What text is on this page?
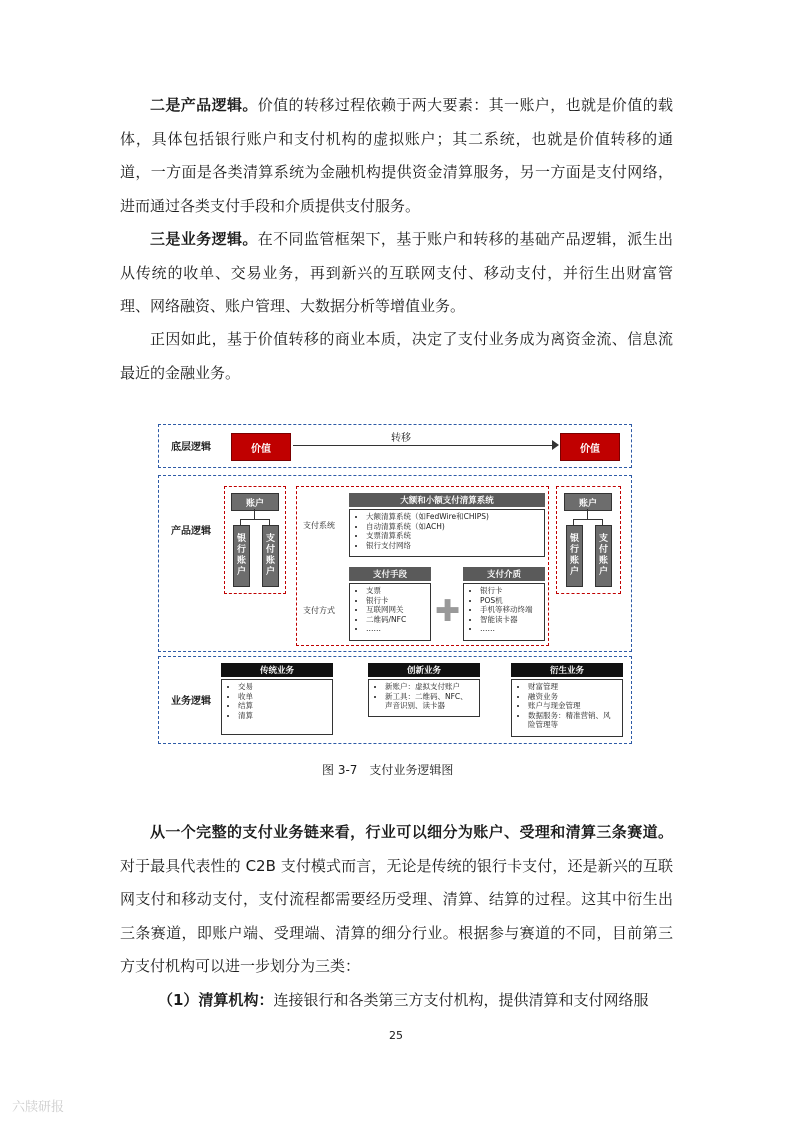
二是产品逻辑。价值的转移过程依赖于两大要素：其一账户，也就是价值的载体，具体包括银行账户和支付机构的虚拟账户；其二系统，也就是价值转移的通道，一方面是各类清算系统为金融机构提供资金清算服务，另一方面是支付网络，进而通过各类支付手段和介质提供支付服务。

三是业务逻辑。在不同监管框架下，基于账户和转移的基础产品逻辑，派生出从传统的收单、交易业务，再到新兴的互联网支付、移动支付，并衍生出财富管理、网络融资、账户管理、大数据分析等增值业务。

正因如此，基于价值转移的商业本质，决定了支付业务成为离资金流、信息流最近的金融业务。

底层逻辑	价值
转移
价值
产品逻辑
账户
银行账户
支付账户
支付系统
大额和小额支付清算系统
• 大额清算系统（如FedWire和CHIPS)
• 自动清算系统（如ACH)
• 支票清算系统
• 银行支付网络
支付方式
支付手段
• 支票
• 银行卡
• 互联网网关
• 二维码/NFC
• ……	✚
支付介质
• 银行卡
• POS机
• 手机等移动终端
• 智能读卡器
• ……
账户
银行账户
支付账户
业务逻辑
传统业务
• 交易
• 收单
• 结算
• 清算
创新业务
• 新账户：虚拟支付账户
• 新工具：二维码、NFC、声音识别、读卡器
衍生业务
• 财富管理
• 融资业务
• 账户与现金管理
• 数据服务：精准营销、风险管理等
图 3-7　支付业务逻辑图

从一个完整的支付业务链来看，行业可以细分为账户、受理和清算三条赛道。对于最具代表性的 C2B 支付模式而言，无论是传统的银行卡支付，还是新兴的互联网支付和移动支付，支付流程都需要经历受理、清算、结算的过程。这其中衍生出三条赛道，即账户端、受理端、清算的细分行业。根据参与赛道的不同，目前第三方支付机构可以进一步划分为三类：

（1）清算机构：连接银行和各类第三方支付机构，提供清算和支付网络服

25
六牍研报
